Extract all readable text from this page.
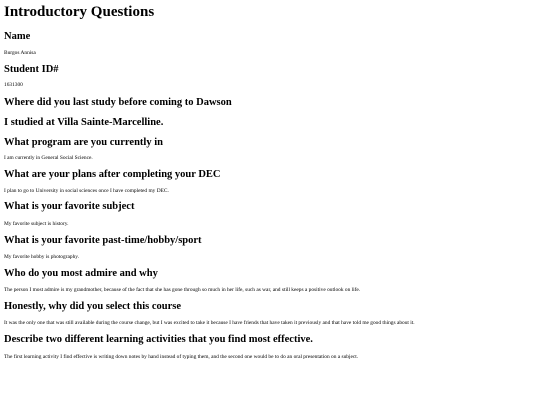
Introductory Questions
Name

Burgos Annisa

Student ID#

1631300

Where did you last study before coming to Dawson
I studied at Villa Sainte-Marcelline.
What program are you currently in

I am currently in General Social Science.

What are your plans after completing your DEC

I plan to go to University in social sciences once I have completed my DEC.

What is your favorite subject

My favorite subject is history.

What is your favorite past-time/hobby/sport

My favorite hobby is photography.

Who do you most admire and why

The person I most admire is my grandmother, because of the fact that she has gone through so much in her life, such as war, and still keeps a positive outlook on life.

Honestly, why did you select this course

It was the only one that was still available during the course change, but I was excited to take it because I have friends that have taken it previously and that have told me good things about it.

Describe two different learning activities that you find most effective.

The first learning activity I find effective is writing down notes by hand instead of typing them, and the second one would be to do an oral presentation on a subject.
